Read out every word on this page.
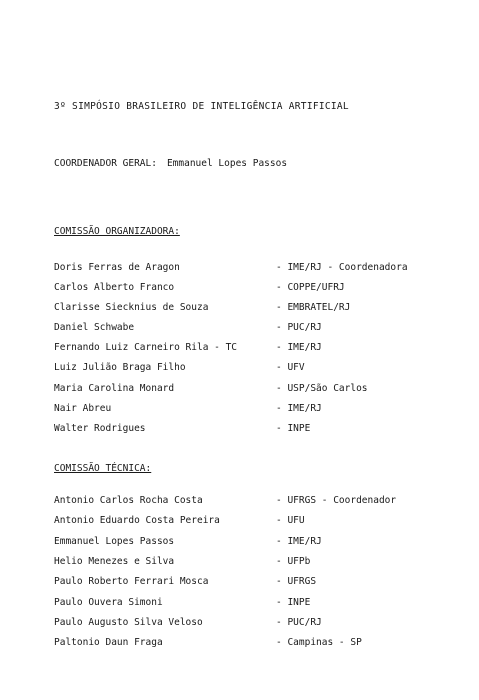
3º SIMPÓSIO BRASILEIRO DE INTELIGÊNCIA ARTIFICIAL
COORDENADOR GERAL: Emmanuel Lopes Passos
COMISSÃO ORGANIZADORA:
Doris Ferras de Aragon	- IME/RJ - Coordenadora
Carlos Alberto Franco	- COPPE/UFRJ
Clarisse Siecknius de Souza	- EMBRATEL/RJ
Daniel Schwabe	- PUC/RJ
Fernando Luiz Carneiro Rila - TC	- IME/RJ
Luiz Julião Braga Filho	- UFV
Maria Carolina Monard	- USP/São Carlos
Nair Abreu	- IME/RJ
Walter Rodrigues	- INPE
COMISSÃO TÉCNICA:
Antonio Carlos Rocha Costa	- UFRGS - Coordenador
Antonio Eduardo Costa Pereira	- UFU
Emmanuel Lopes Passos	- IME/RJ
Helio Menezes e Silva	- UFPb
Paulo Roberto Ferrari Mosca	- UFRGS
Paulo Ouvera Simoni	- INPE
Paulo Augusto Silva Veloso	- PUC/RJ
Paltonio Daun Fraga	- Campinas - SP
